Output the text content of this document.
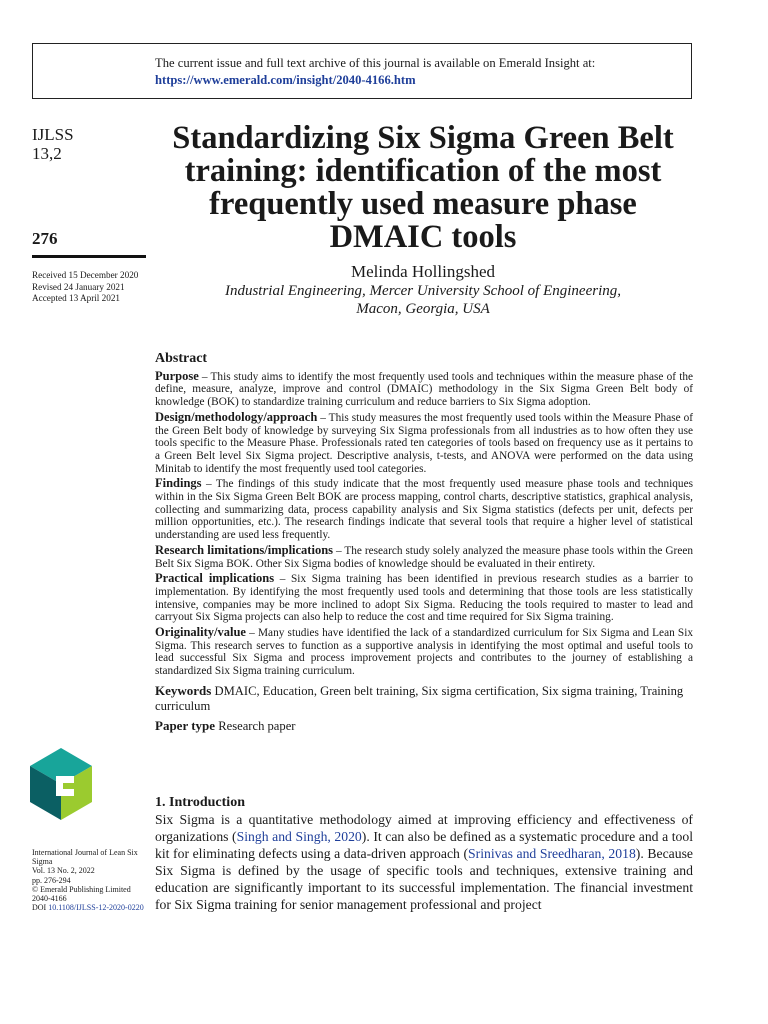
The current issue and full text archive of this journal is available on Emerald Insight at:
https://www.emerald.com/insight/2040-4166.htm
IJLSS
13,2
276
Received 15 December 2020
Revised 24 January 2021
Accepted 13 April 2021
Standardizing Six Sigma Green Belt training: identification of the most frequently used measure phase DMAIC tools
Melinda Hollingshed
Industrial Engineering, Mercer University School of Engineering,
Macon, Georgia, USA
Abstract

Purpose – This study aims to identify the most frequently used tools and techniques within the measure phase of the define, measure, analyze, improve and control (DMAIC) methodology in the Six Sigma Green Belt body of knowledge (BOK) to standardize training curriculum and reduce barriers to Six Sigma adoption.

Design/methodology/approach – This study measures the most frequently used tools within the Measure Phase of the Green Belt body of knowledge by surveying Six Sigma professionals from all industries as to how often they use tools specific to the Measure Phase. Professionals rated ten categories of tools based on frequency use as it pertains to a Green Belt level Six Sigma project. Descriptive analysis, t-tests, and ANOVA were performed on the data using Minitab to identify the most frequently used tool categories.

Findings – The findings of this study indicate that the most frequently used measure phase tools and techniques within in the Six Sigma Green Belt BOK are process mapping, control charts, descriptive statistics, graphical analysis, collecting and summarizing data, process capability analysis and Six Sigma statistics (defects per unit, defects per million opportunities, etc.). The research findings indicate that several tools that require a higher level of statistical understanding are used less frequently.

Research limitations/implications – The research study solely analyzed the measure phase tools within the Green Belt Six Sigma BOK. Other Six Sigma bodies of knowledge should be evaluated in their entirety.

Practical implications – Six Sigma training has been identified in previous research studies as a barrier to implementation. By identifying the most frequently used tools and determining that those tools are less statistically intensive, companies may be more inclined to adopt Six Sigma. Reducing the tools required to master to lead and carryout Six Sigma projects can also help to reduce the cost and time required for Six Sigma training.

Originality/value – Many studies have identified the lack of a standardized curriculum for Six Sigma and Lean Six Sigma. This research serves to function as a supportive analysis in identifying the most optimal and useful tools to lead successful Six Sigma and process improvement projects and contributes to the journey of establishing a standardized Six Sigma training curriculum.

Keywords DMAIC, Education, Green belt training, Six sigma certification, Six sigma training, Training curriculum
Paper type Research paper
International Journal of Lean Six Sigma
Vol. 13 No. 2, 2022
pp. 276-294
© Emerald Publishing Limited
2040-4166
DOI 10.1108/IJLSS-12-2020-0220
1. Introduction

Six Sigma is a quantitative methodology aimed at improving efficiency and effectiveness of organizations (Singh and Singh, 2020). It can also be defined as a systematic procedure and a tool kit for eliminating defects using a data-driven approach (Srinivas and Sreedharan, 2018). Because Six Sigma is defined by the usage of specific tools and techniques, extensive training and education are significantly important to its successful implementation. The financial investment for Six Sigma training for senior management professional and project
